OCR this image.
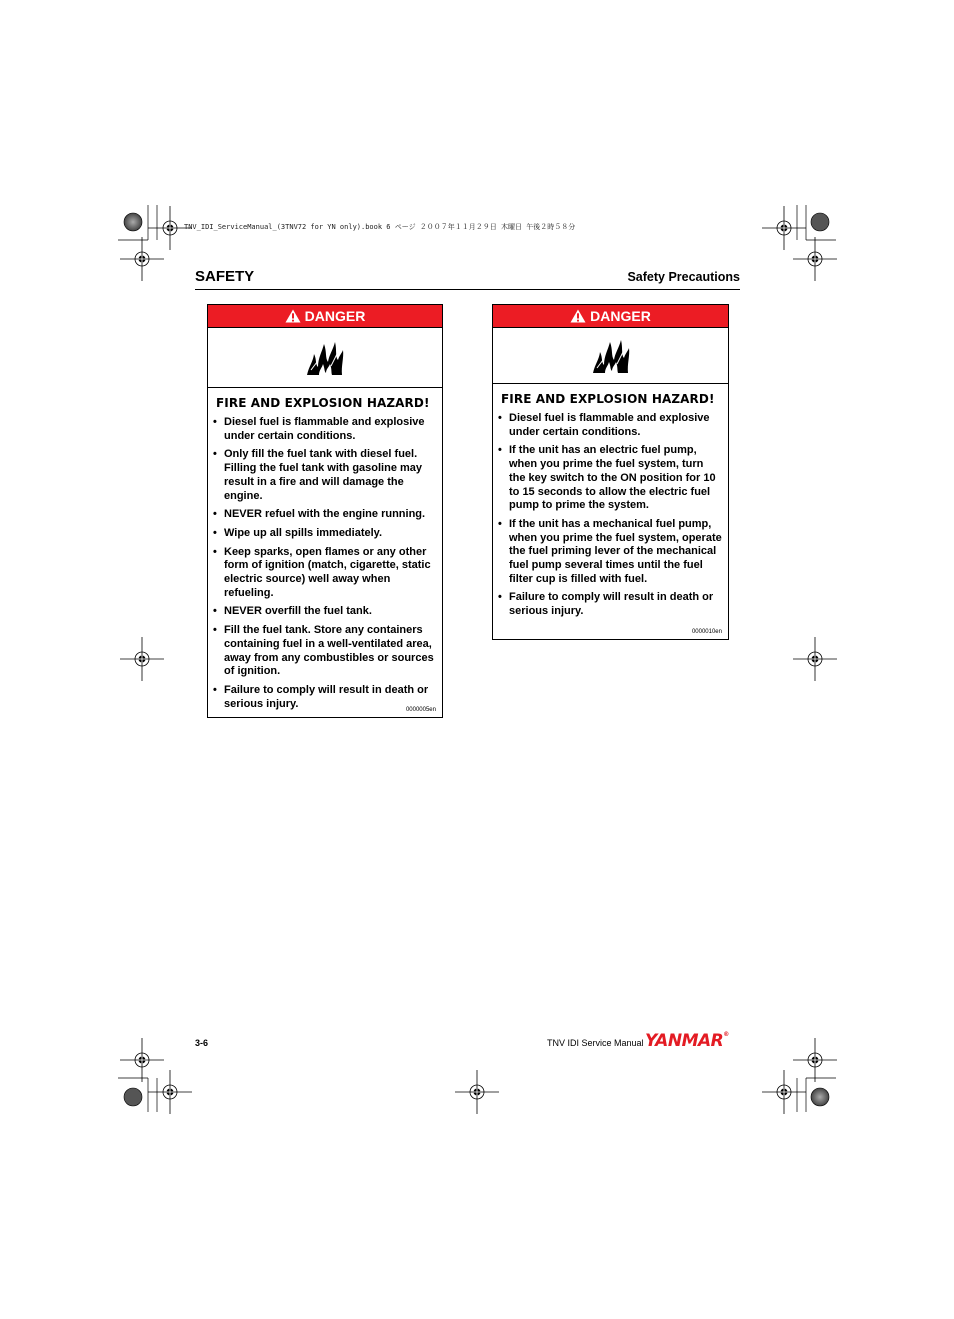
TNV_IDI_ServiceManual_(3TNV72 for YN only).book 6 ページ ２００７年１１月２９日 木曜日 午後２時５８分
SAFETY	Safety Precautions
DANGER
FIRE AND EXPLOSION HAZARD!
• Diesel fuel is flammable and explosive under certain conditions.
• Only fill the fuel tank with diesel fuel. Filling the fuel tank with gasoline may result in a fire and will damage the engine.
• NEVER refuel with the engine running.
• Wipe up all spills immediately.
• Keep sparks, open flames or any other form of ignition (match, cigarette, static electric source) well away when refueling.
• NEVER overfill the fuel tank.
• Fill the fuel tank. Store any containers containing fuel in a well-ventilated area, away from any combustibles or sources of ignition.
• Failure to comply will result in death or serious injury.
0000005en
DANGER
FIRE AND EXPLOSION HAZARD!
• Diesel fuel is flammable and explosive under certain conditions.
• If the unit has an electric fuel pump, when you prime the fuel system, turn the key switch to the ON position for 10 to 15 seconds to allow the electric fuel pump to prime the system.
• If the unit has a mechanical fuel pump, when you prime the fuel system, operate the fuel priming lever of the mechanical fuel pump several times until the fuel filter cup is filled with fuel.
• Failure to comply will result in death or serious injury.
0000010en
3-6	TNV IDI Service Manual YANMAR®
